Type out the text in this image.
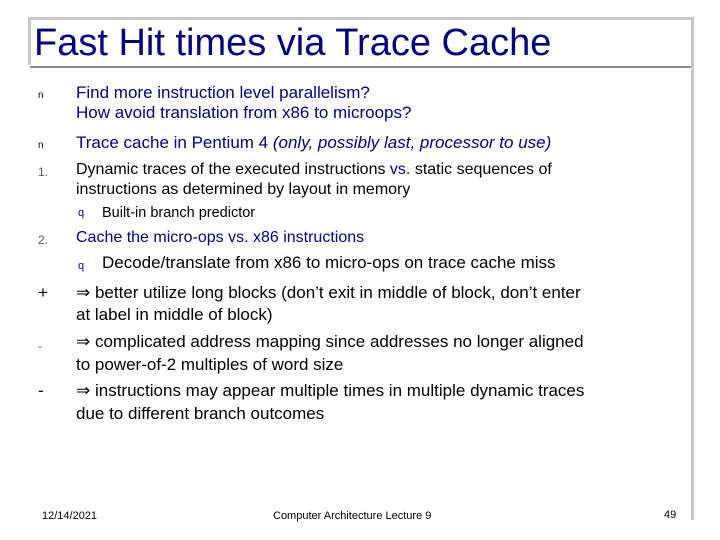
Fast Hit times via Trace Cache
n Find more instruction level parallelism?
How avoid translation from x86 to microops?
n Trace cache in Pentium 4 (only, possibly last, processor to use)
1. Dynamic traces of the executed instructions vs. static sequences of
instructions as determined by layout in memory
q Built-in branch predictor
2. Cache the micro-ops vs. x86 instructions
q Decode/translate from x86 to micro-ops on trace cache miss
+ ⇒ better utilize long blocks (don’t exit in middle of block, don’t enter
at label in middle of block)
- ⇒ complicated address mapping since addresses no longer aligned
to power-of-2 multiples of word size
- ⇒ instructions may appear multiple times in multiple dynamic traces
due to different branch outcomes
12/14/2021	Computer Architecture Lecture 9	49
